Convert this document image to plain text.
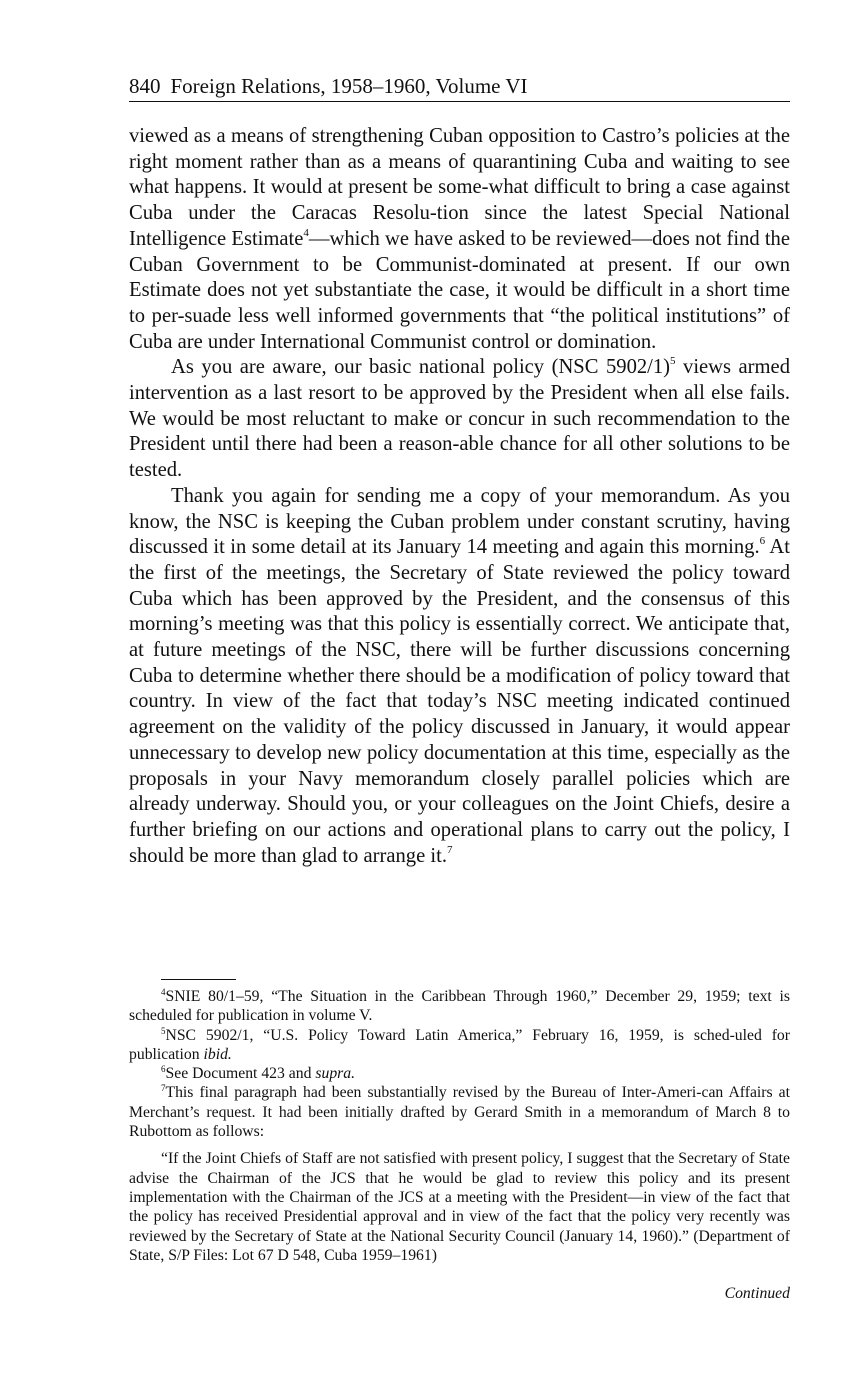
840 Foreign Relations, 1958–1960, Volume VI

viewed as a means of strengthening Cuban opposition to Castro’s policies at the right moment rather than as a means of quarantining Cuba and waiting to see what happens. It would at present be some-what difficult to bring a case against Cuba under the Caracas Resolu-tion since the latest Special National Intelligence Estimate$^4$—which we have asked to be reviewed—does not find the Cuban Government to be Communist-dominated at present. If our own Estimate does not yet substantiate the case, it would be difficult in a short time to per-suade less well informed governments that “the political institutions” of Cuba are under International Communist control or domination.

As you are aware, our basic national policy (NSC 5902/1)$^5$ views armed intervention as a last resort to be approved by the President when all else fails. We would be most reluctant to make or concur in such recommendation to the President until there had been a reason-able chance for all other solutions to be tested.

Thank you again for sending me a copy of your memorandum. As you know, the NSC is keeping the Cuban problem under constant scrutiny, having discussed it in some detail at its January 14 meeting and again this morning.$^6$ At the first of the meetings, the Secretary of State reviewed the policy toward Cuba which has been approved by the President, and the consensus of this morning’s meeting was that this policy is essentially correct. We anticipate that, at future meetings of the NSC, there will be further discussions concerning Cuba to determine whether there should be a modification of policy toward that country. In view of the fact that today’s NSC meeting indicated continued agreement on the validity of the policy discussed in January, it would appear unnecessary to develop new policy documentation at this time, especially as the proposals in your Navy memorandum closely parallel policies which are already underway. Should you, or your colleagues on the Joint Chiefs, desire a further briefing on our actions and operational plans to carry out the policy, I should be more than glad to arrange it.$^7$

$^4$SNIE 80/1–59, “The Situation in the Caribbean Through 1960,” December 29, 1959; text is scheduled for publication in volume V.

$^5$NSC 5902/1, “U.S. Policy Toward Latin America,” February 16, 1959, is sched-uled for publication ibid.

$^6$See Document 423 and supra.

$^7$This final paragraph had been substantially revised by the Bureau of Inter-Ameri-can Affairs at Merchant’s request. It had been initially drafted by Gerard Smith in a memorandum of March 8 to Rubottom as follows:

“If the Joint Chiefs of Staff are not satisfied with present policy, I suggest that the Secretary of State advise the Chairman of the JCS that he would be glad to review this policy and its present implementation with the Chairman of the JCS at a meeting with the President—in view of the fact that the policy has received Presidential approval and in view of the fact that the policy very recently was reviewed by the Secretary of State at the National Security Council (January 14, 1960).” (Department of State, S/P Files: Lot 67 D 548, Cuba 1959–1961)

Continued
